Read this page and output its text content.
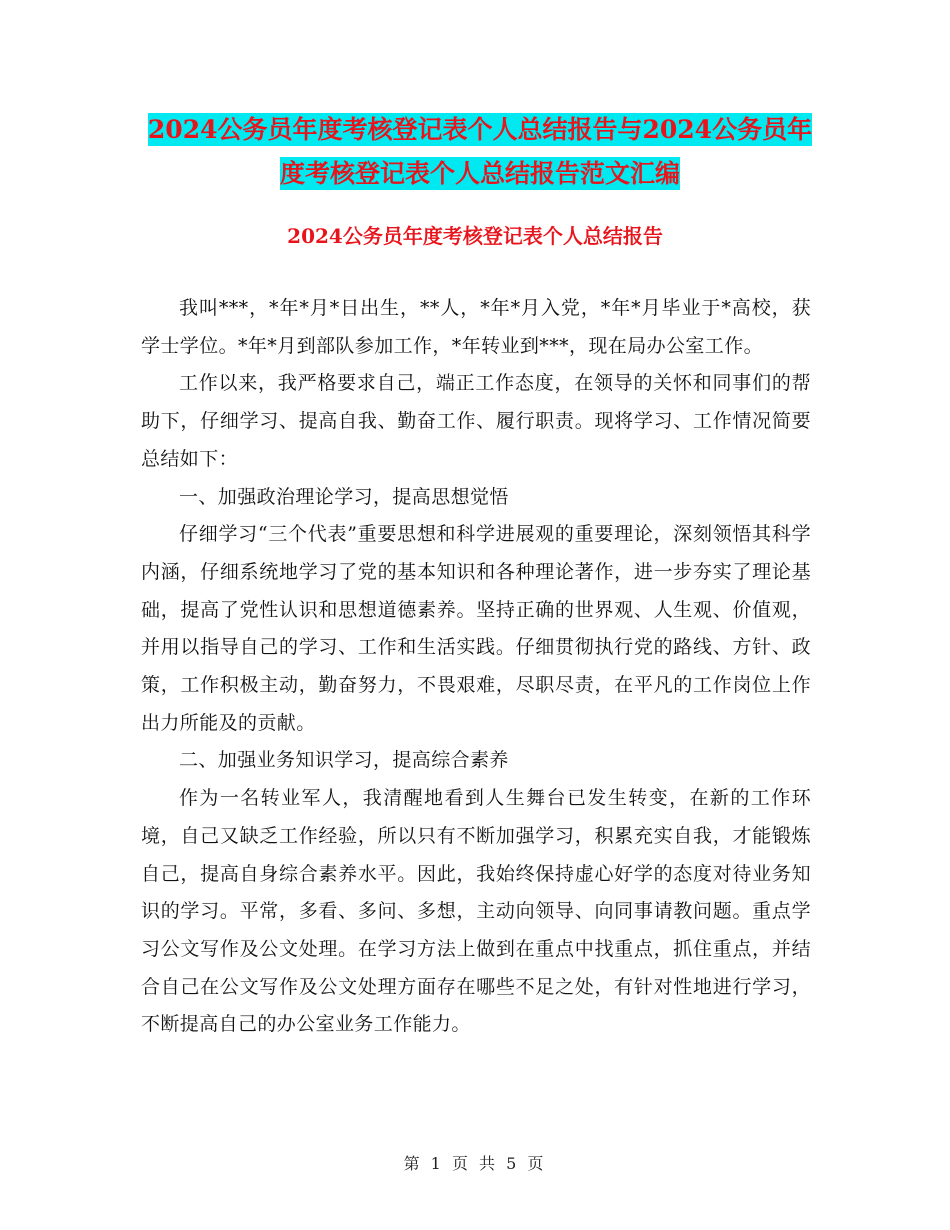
2024公务员年度考核登记表个人总结报告与2024公务员年度考核登记表个人总结报告范文汇编
2024公务员年度考核登记表个人总结报告

我叫***，*年*月*日出生，**人，*年*月入党，*年*月毕业于*高校，获学士学位。*年*月到部队参加工作，*年转业到***，现在局办公室工作。

工作以来，我严格要求自己，端正工作态度，在领导的关怀和同事们的帮助下，仔细学习、提高自我、勤奋工作、履行职责。现将学习、工作情况简要总结如下：

一、加强政治理论学习，提高思想觉悟

仔细学习“三个代表”重要思想和科学进展观的重要理论，深刻领悟其科学内涵，仔细系统地学习了党的基本知识和各种理论著作，进一步夯实了理论基础，提高了党性认识和思想道德素养。坚持正确的世界观、人生观、价值观，并用以指导自己的学习、工作和生活实践。仔细贯彻执行党的路线、方针、政策，工作积极主动，勤奋努力，不畏艰难，尽职尽责，在平凡的工作岗位上作出力所能及的贡献。

二、加强业务知识学习，提高综合素养

作为一名转业军人，我清醒地看到人生舞台已发生转变，在新的工作环境，自己又缺乏工作经验，所以只有不断加强学习，积累充实自我，才能锻炼自己，提高自身综合素养水平。因此，我始终保持虚心好学的态度对待业务知识的学习。平常，多看、多问、多想，主动向领导、向同事请教问题。重点学习公文写作及公文处理。在学习方法上做到在重点中找重点，抓住重点，并结合自己在公文写作及公文处理方面存在哪些不足之处，有针对性地进行学习，不断提高自己的办公室业务工作能力。

第 1 页 共 5 页
